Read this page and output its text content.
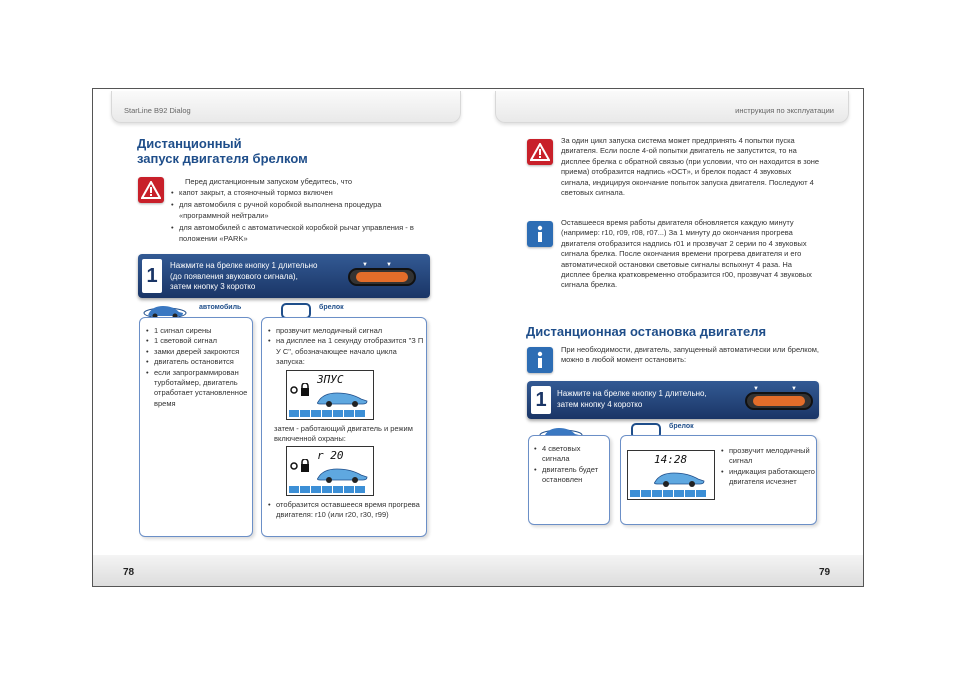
StarLine B92 Dialog	инструкция по эксплуатации
Дистанционный
запуск двигателя брелком
Перед дистанционным запуском убедитесь, что
• капот закрыт, а стояночный тормоз включен
• для автомобиля с ручной коробкой выполнена процедура «программной нейтрали»
• для автомобилей с автоматической коробкой рычаг управления - в положении «PARK»
1	Нажмите на брелке кнопку 1 длительно
(до появления звукового сигнала),
затем кнопку 3 коротко
▼	▼
автомобиль
• 1 сигнал сирены
• 1 световой сигнал
• замки дверей закроются
• двигатель остановится
• если запрограммирован турботаймер, двигатель отработает установленное время
брелок
• прозвучит мелодичный сигнал
• на дисплее на 1 секунду отобразится "З П У С", обозначающее начало цикла запуска:
ЗПУС
затем - работающий двигатель и режим включенной охраны:
r 20
• отобразится оставшееся время прогрева двигателя: r10 (или r20, r30, r99)
За один цикл запуска система может предпринять 4 попытки пуска двигателя. Если после 4-ой попытки двигатель не запустится, то на дисплее брелка с обратной связью (при условии, что он находится в зоне приема) отобразится надпись «ОСТ», и брелок подаст 4 звуковых сигнала, индицируя окончание попыток запуска двигателя. Последуют 4 световых сигнала.
Оставшееся время работы двигателя обновляется каждую минуту (например: r10, r09, r08, r07...) За 1 минуту до окончания прогрева двигателя отобразится надпись r01 и прозвучат 2 серии по 4 звуковых сигнала брелка. После окончания времени прогрева двигателя и его автоматической остановки световые сигналы вспыхнут 4 раза. На дисплее брелка кратковременно отобразится r00, прозвучат 4 звуковых сигнала брелка.
Дистанционная остановка двигателя
При необходимости, двигатель, запущенный автоматически или брелком, можно в любой момент остановить:
1	Нажмите на брелке кнопку 1 длительно,
затем кнопку 4 коротко
▼	▼
• 4 световых сигнала
• двигатель будет остановлен
брелок
14:28
• прозвучит мелодичный сигнал
• индикация работающего двигателя исчезнет
78	79
